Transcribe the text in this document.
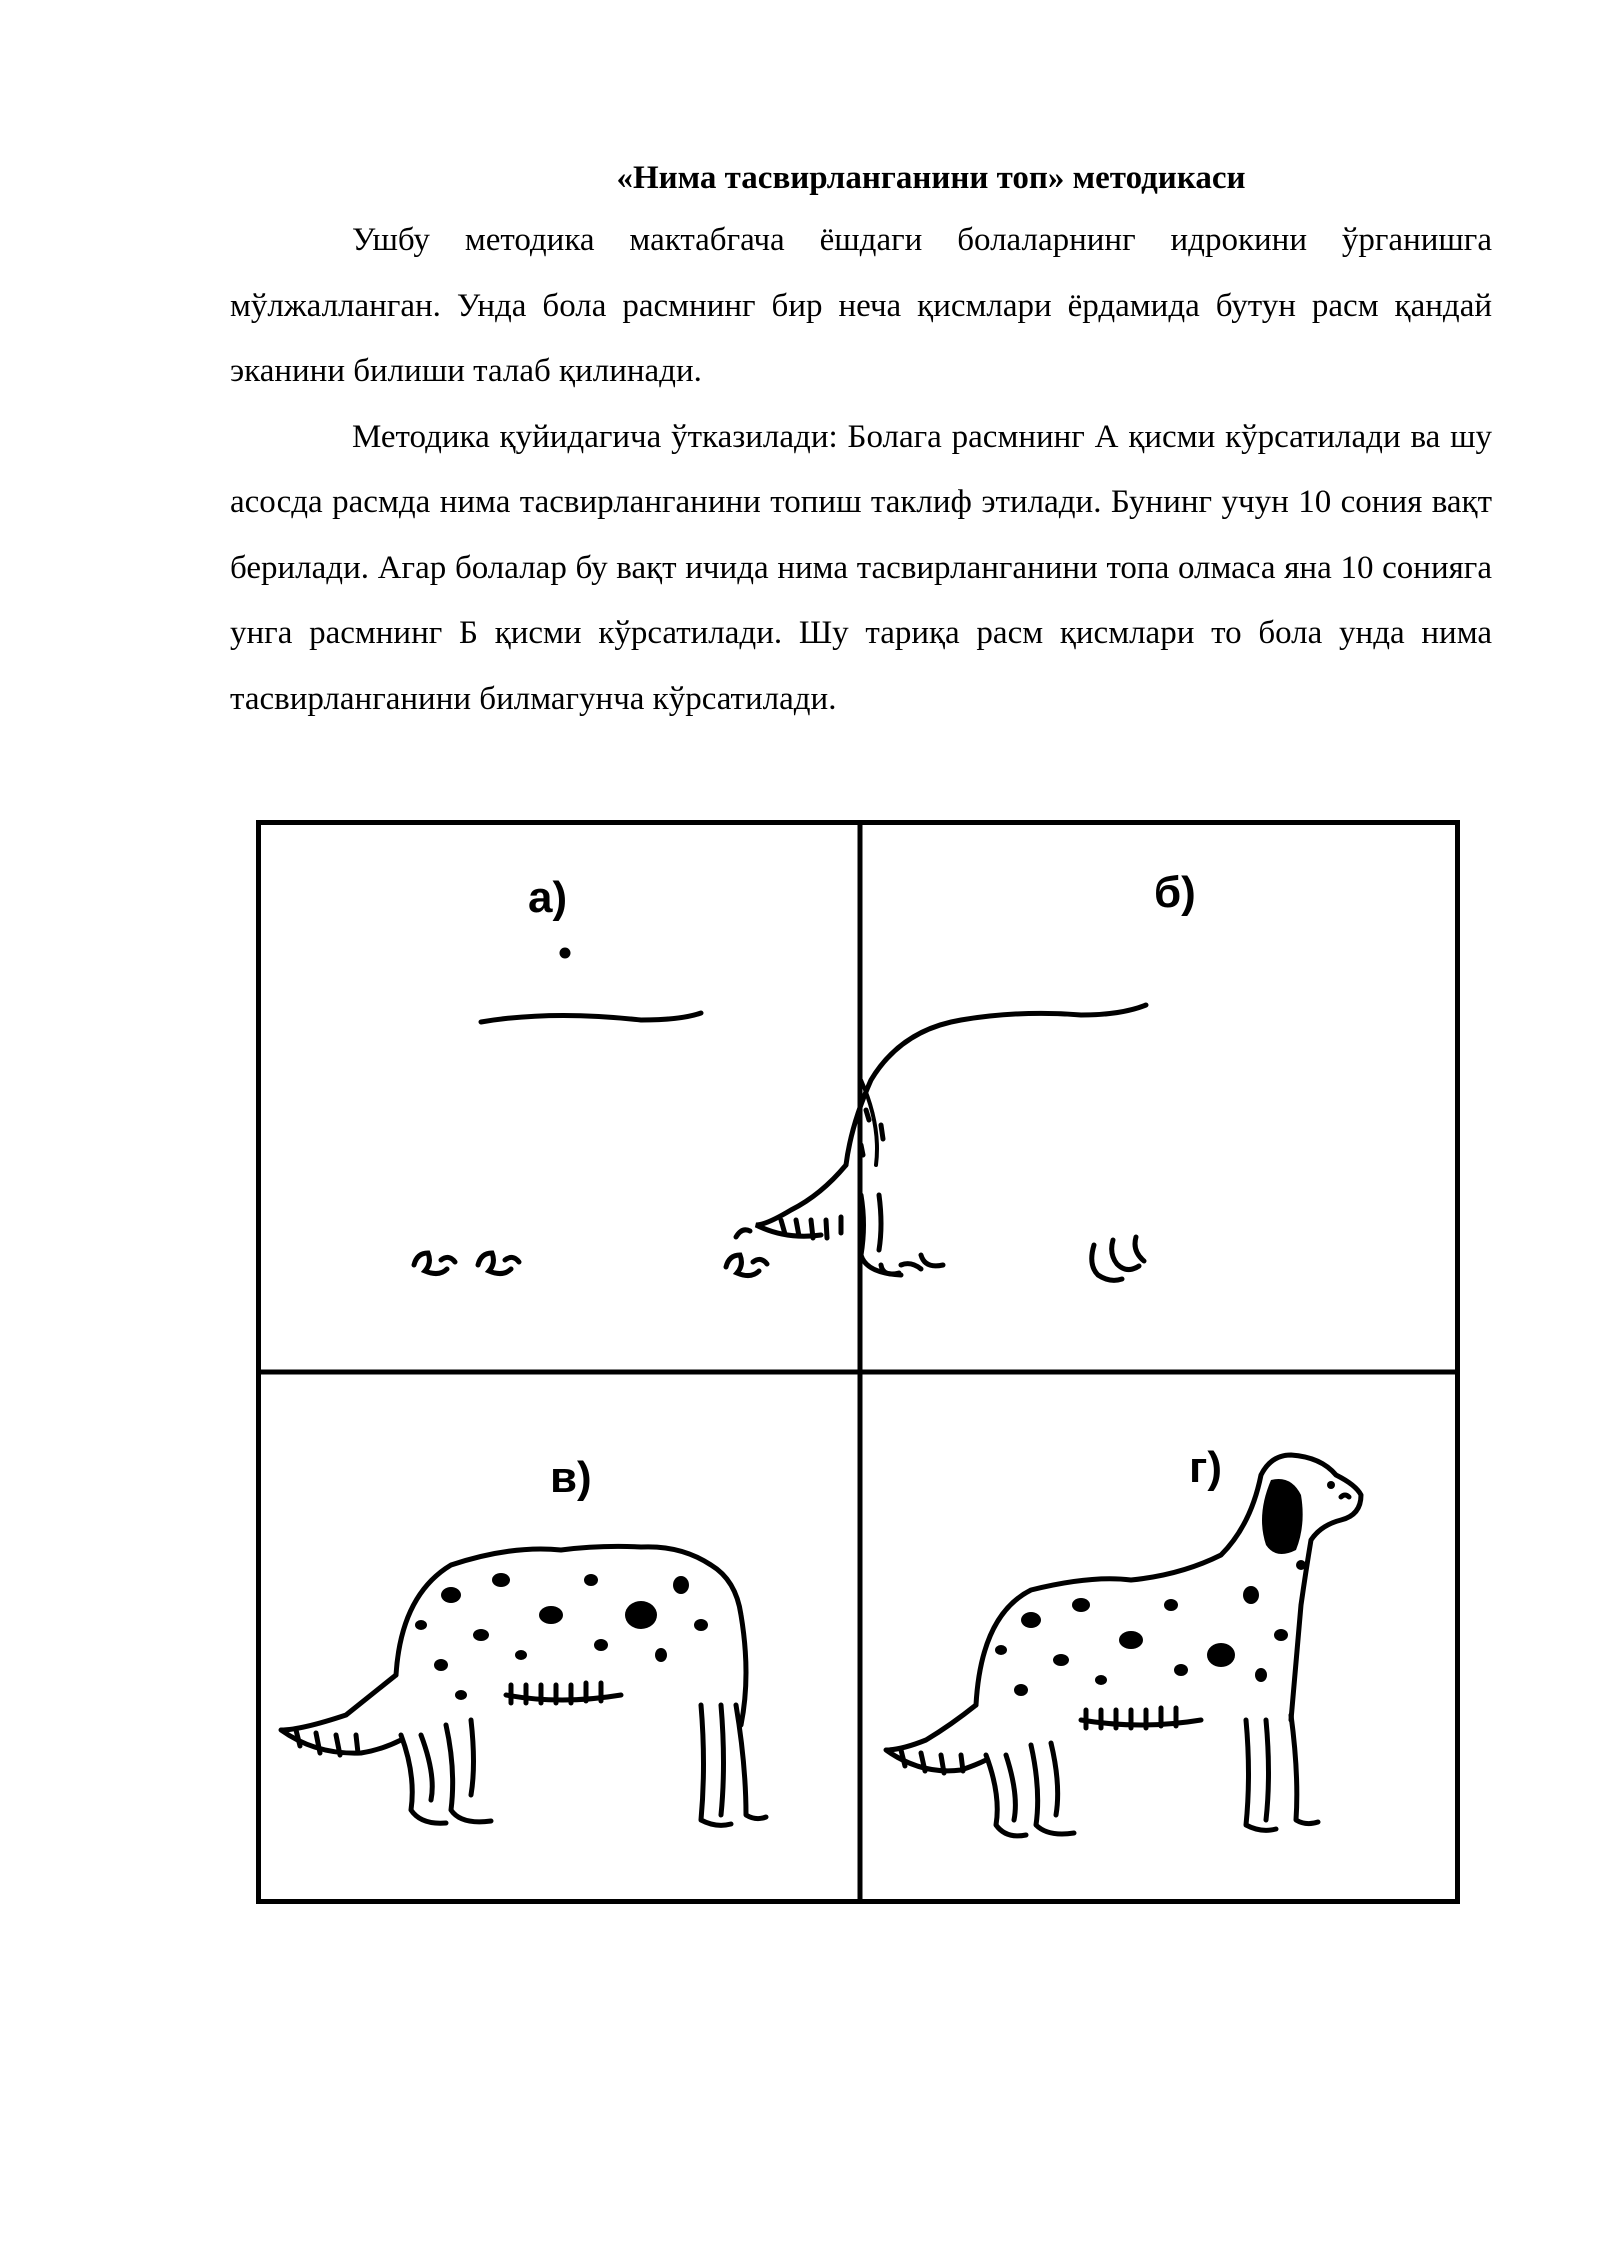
«Нима тасвирланганини топ» методикаси

Ушбу методика мактабгача ёшдаги болаларнинг идрокини ўрганишга мўлжалланган. Унда бола расмнинг бир неча қисмлари ёрдамида бутун расм қандай эканини билиши талаб қилинади.

Методика қуйидагича ўтказилади: Болага расмнинг А қисми кўрсатилади ва шу асосда расмда нима тасвирланганини топиш таклиф этилади. Бунинг учун 10 сония вақт берилади. Агар болалар бу вақт ичида нима тасвирланганини топа олмаса яна 10 сонияга унга расмнинг Б қисми кўрсатилади. Шу тариқа расм қисмлари то бола унда нима тасвирланганини билмагунча кўрсатилади.

а)	б)
в)	г)
